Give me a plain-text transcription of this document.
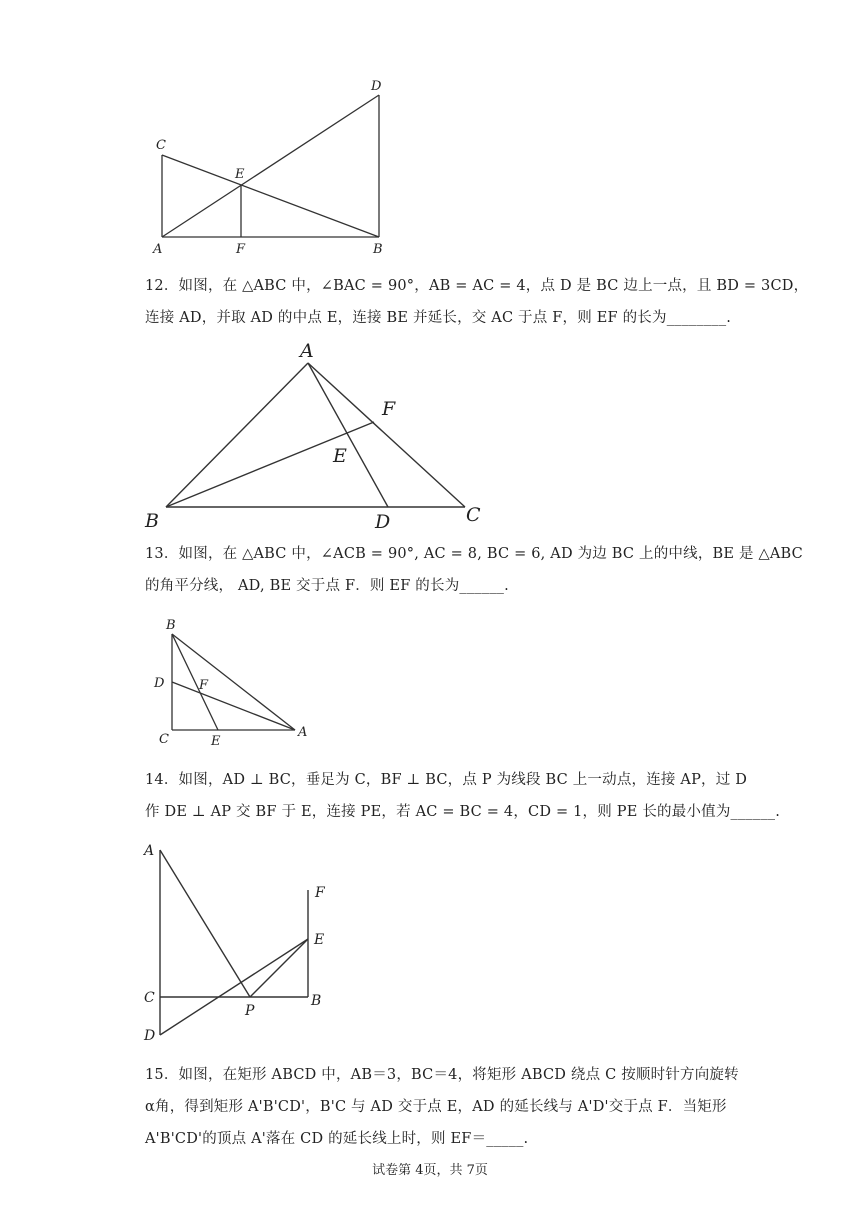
C
D
E
A	F	B

12．如图，在 △ABC 中，∠BAC = 90°，AB = AC = 4，点 D 是 BC 边上一点，且 BD = 3CD，

连接 AD，并取 AD 的中点 E，连接 BE 并延长，交 AC 于点 F，则 EF 的长为________.

A
F
E
B	D	C

13．如图，在 △ABC 中，∠ACB = 90°, AC = 8, BC = 6, AD 为边 BC 上的中线，BE 是 △ABC

的角平分线， AD, BE 交于点 F．则 EF 的长为______.

B
D	F
C	E
A

14．如图，AD ⊥ BC，垂足为 C，BF ⊥ BC，点 P 为线段 BC 上一动点，连接 AP，过 D

作 DE ⊥ AP 交 BF 于 E，连接 PE，若 AC = BC = 4，CD = 1，则 PE 长的最小值为______.

A
F
E
C	B
P
D

15．如图，在矩形 ABCD 中，AB＝3，BC＝4，将矩形 ABCD 绕点 C 按顺时针方向旋转

α角，得到矩形 A'B'CD'，B'C 与 AD 交于点 E，AD 的延长线与 A'D'交于点 F．当矩形

A'B'CD'的顶点 A'落在 CD 的延长线上时，则 EF＝_____.

试卷第 4页，共 7页
